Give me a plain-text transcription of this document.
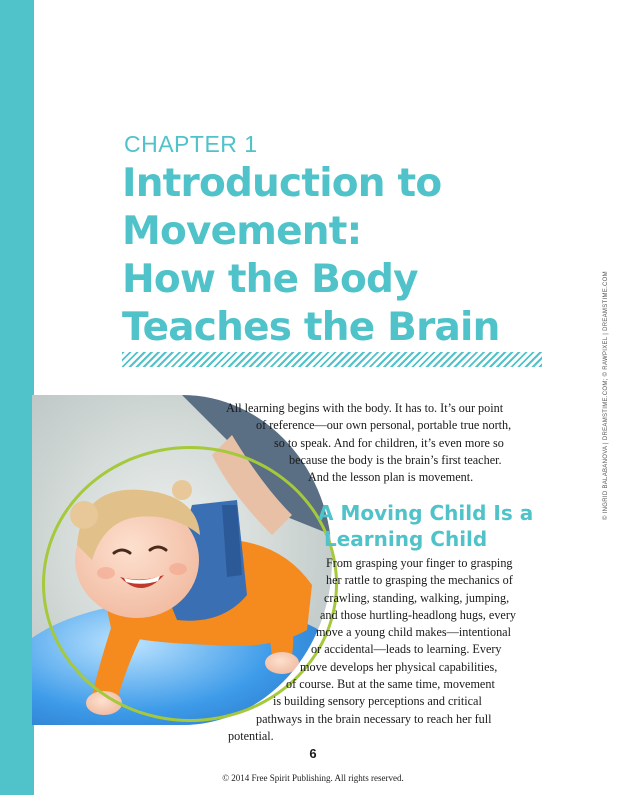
CHAPTER 1
Introduction to
Movement:
How the Body
Teaches the Brain

All learning begins with the body. It has to. It’s our point
of reference—our own personal, portable true north,
so to speak. And for children, it’s even more so
because the body is the brain’s first teacher.
And the lesson plan is movement.

A Moving Child Is a
Learning Child

From grasping your finger to grasping
her rattle to grasping the mechanics of
crawling, standing, walking, jumping,
and those hurtling-headlong hugs, every
move a young child makes—intentional
or accidental—leads to learning. Every
move develops her physical capabilities,
of course. But at the same time, movement
is building sensory perceptions and critical
pathways in the brain necessary to reach her full
potential.

© INGRID BALABANOVA | DREAMSTIME.COM; © RAWPIXEL | DREAMSTIME.COM
6
© 2014 Free Spirit Publishing. All rights reserved.
